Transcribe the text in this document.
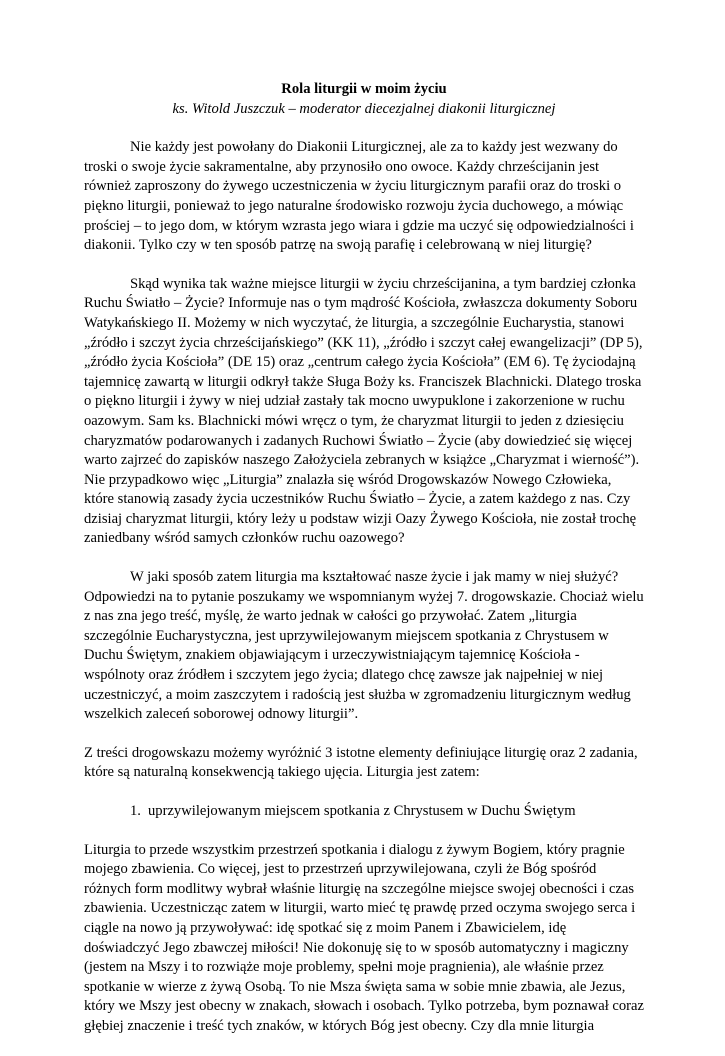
Rola liturgii w moim życiu
ks. Witold Juszczuk – moderator diecezjalnej diakonii liturgicznej

Nie każdy jest powołany do Diakonii Liturgicznej, ale za to każdy jest wezwany do troski o swoje życie sakramentalne, aby przynosiło ono owoce. Każdy chrześcijanin jest również zaproszony do żywego uczestniczenia w życiu liturgicznym parafii oraz do troski o piękno liturgii, ponieważ to jego naturalne środowisko rozwoju życia duchowego, a mówiąc prościej – to jego dom, w którym wzrasta jego wiara i gdzie ma uczyć się odpowiedzialności i diakonii. Tylko czy w ten sposób patrzę na swoją parafię i celebrowaną w niej liturgię?

Skąd wynika tak ważne miejsce liturgii w życiu chrześcijanina, a tym bardziej członka Ruchu Światło – Życie? Informuje nas o tym mądrość Kościoła, zwłaszcza dokumenty Soboru Watykańskiego II. Możemy w nich wyczytać, że liturgia, a szczególnie Eucharystia, stanowi „źródło i szczyt życia chrześcijańskiego” (KK 11), „źródło i szczyt całej ewangelizacji” (DP 5), „źródło życia Kościoła” (DE 15) oraz „centrum całego życia Kościoła” (EM 6). Tę życiodajną tajemnicę zawartą w liturgii odkrył także Sługa Boży ks. Franciszek Blachnicki. Dlatego troska o piękno liturgii i żywy w niej udział zastały tak mocno uwypuklone i zakorzenione w ruchu oazowym. Sam ks. Blachnicki mówi wręcz o tym, że charyzmat liturgii to jeden z dziesięciu charyzmatów podarowanych i zadanych Ruchowi Światło – Życie (aby dowiedzieć się więcej warto zajrzeć do zapisków naszego Założyciela zebranych w książce „Charyzmat i wierność”). Nie przypadkowo więc „Liturgia” znalazła się wśród Drogowskazów Nowego Człowieka, które stanowią zasady życia uczestników Ruchu Światło – Życie, a zatem każdego z nas. Czy dzisiaj charyzmat liturgii, który leży u podstaw wizji Oazy Żywego Kościoła, nie został trochę zaniedbany wśród samych członków ruchu oazowego?

W jaki sposób zatem liturgia ma kształtować nasze życie i jak mamy w niej służyć? Odpowiedzi na to pytanie poszukamy we wspomnianym wyżej 7. drogowskazie. Chociaż wielu z nas zna jego treść, myślę, że warto jednak w całości go przywołać. Zatem „liturgia szczególnie Eucharystyczna, jest uprzywilejowanym miejscem spotkania z Chrystusem w Duchu Świętym, znakiem objawiającym i urzeczywistniającym tajemnicę Kościoła - wspólnoty oraz źródłem i szczytem jego życia; dlatego chcę zawsze jak najpełniej w niej uczestniczyć, a moim zaszczytem i radością jest służba w zgromadzeniu liturgicznym według wszelkich zaleceń soborowej odnowy liturgii”.

Z treści drogowskazu możemy wyróżnić 3 istotne elementy definiujące liturgię oraz 2 zadania, które są naturalną konsekwencją takiego ujęcia. Liturgia jest zatem:

1. uprzywilejowanym miejscem spotkania z Chrystusem w Duchu Świętym

Liturgia to przede wszystkim przestrzeń spotkania i dialogu z żywym Bogiem, który pragnie mojego zbawienia. Co więcej, jest to przestrzeń uprzywilejowana, czyli że Bóg spośród różnych form modlitwy wybrał właśnie liturgię na szczególne miejsce swojej obecności i czas zbawienia. Uczestnicząc zatem w liturgii, warto mieć tę prawdę przed oczyma swojego serca i ciągle na nowo ją przywoływać: idę spotkać się z moim Panem i Zbawicielem, idę doświadczyć Jego zbawczej miłości! Nie dokonuję się to w sposób automatyczny i magiczny (jestem na Mszy i to rozwiąże moje problemy, spełni moje pragnienia), ale właśnie przez spotkanie w wierze z żywą Osobą. To nie Msza święta sama w sobie mnie zbawia, ale Jezus, który we Mszy jest obecny w znakach, słowach i osobach. Tylko potrzeba, bym poznawał coraz głębiej znaczenie i treść tych znaków, w których Bóg jest obecny. Czy dla mnie liturgia
